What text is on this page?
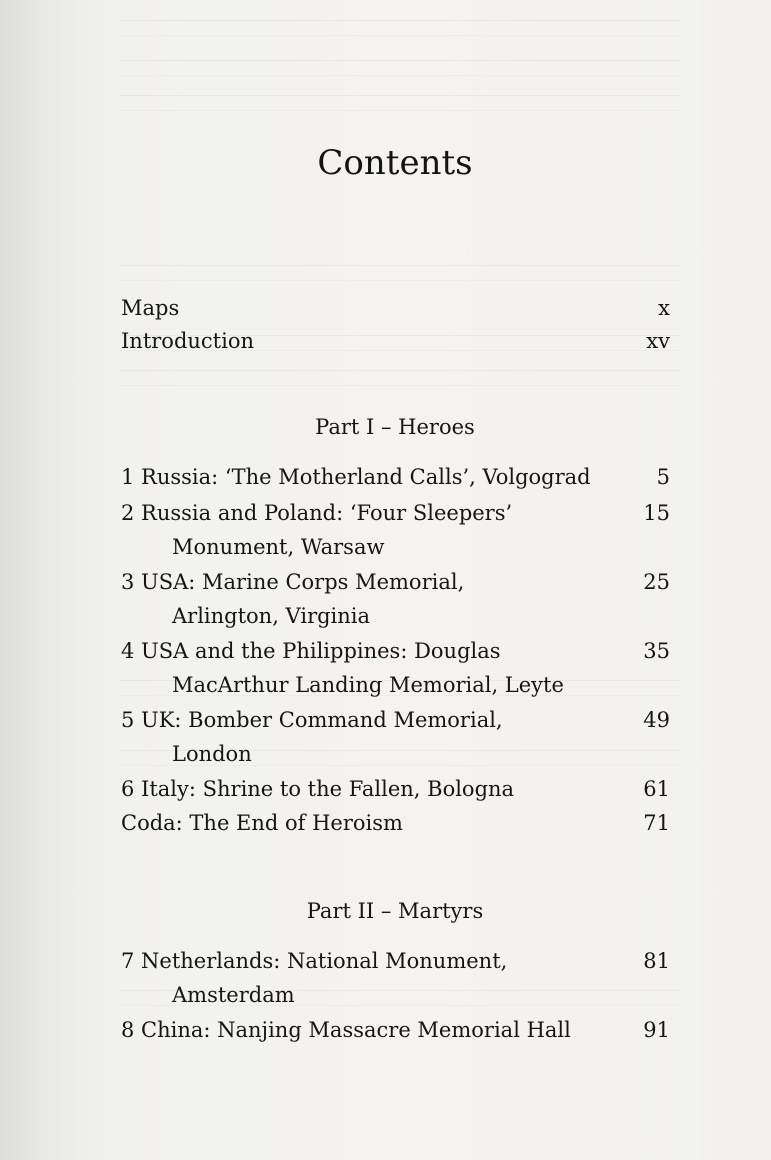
Contents
Maps	x
Introduction	xv
Part I – Heroes
1 Russia: ‘The Motherland Calls’, Volgograd	5
2 Russia and Poland: ‘Four Sleepers’	15
Monument, Warsaw
3 USA: Marine Corps Memorial,	25
Arlington, Virginia
4 USA and the Philippines: Douglas	35
MacArthur Landing Memorial, Leyte
5 UK: Bomber Command Memorial,	49
London
6 Italy: Shrine to the Fallen, Bologna	61
Coda: The End of Heroism	71
Part II – Martyrs
7 Netherlands: National Monument,	81
Amsterdam
8 China: Nanjing Massacre Memorial Hall	91
